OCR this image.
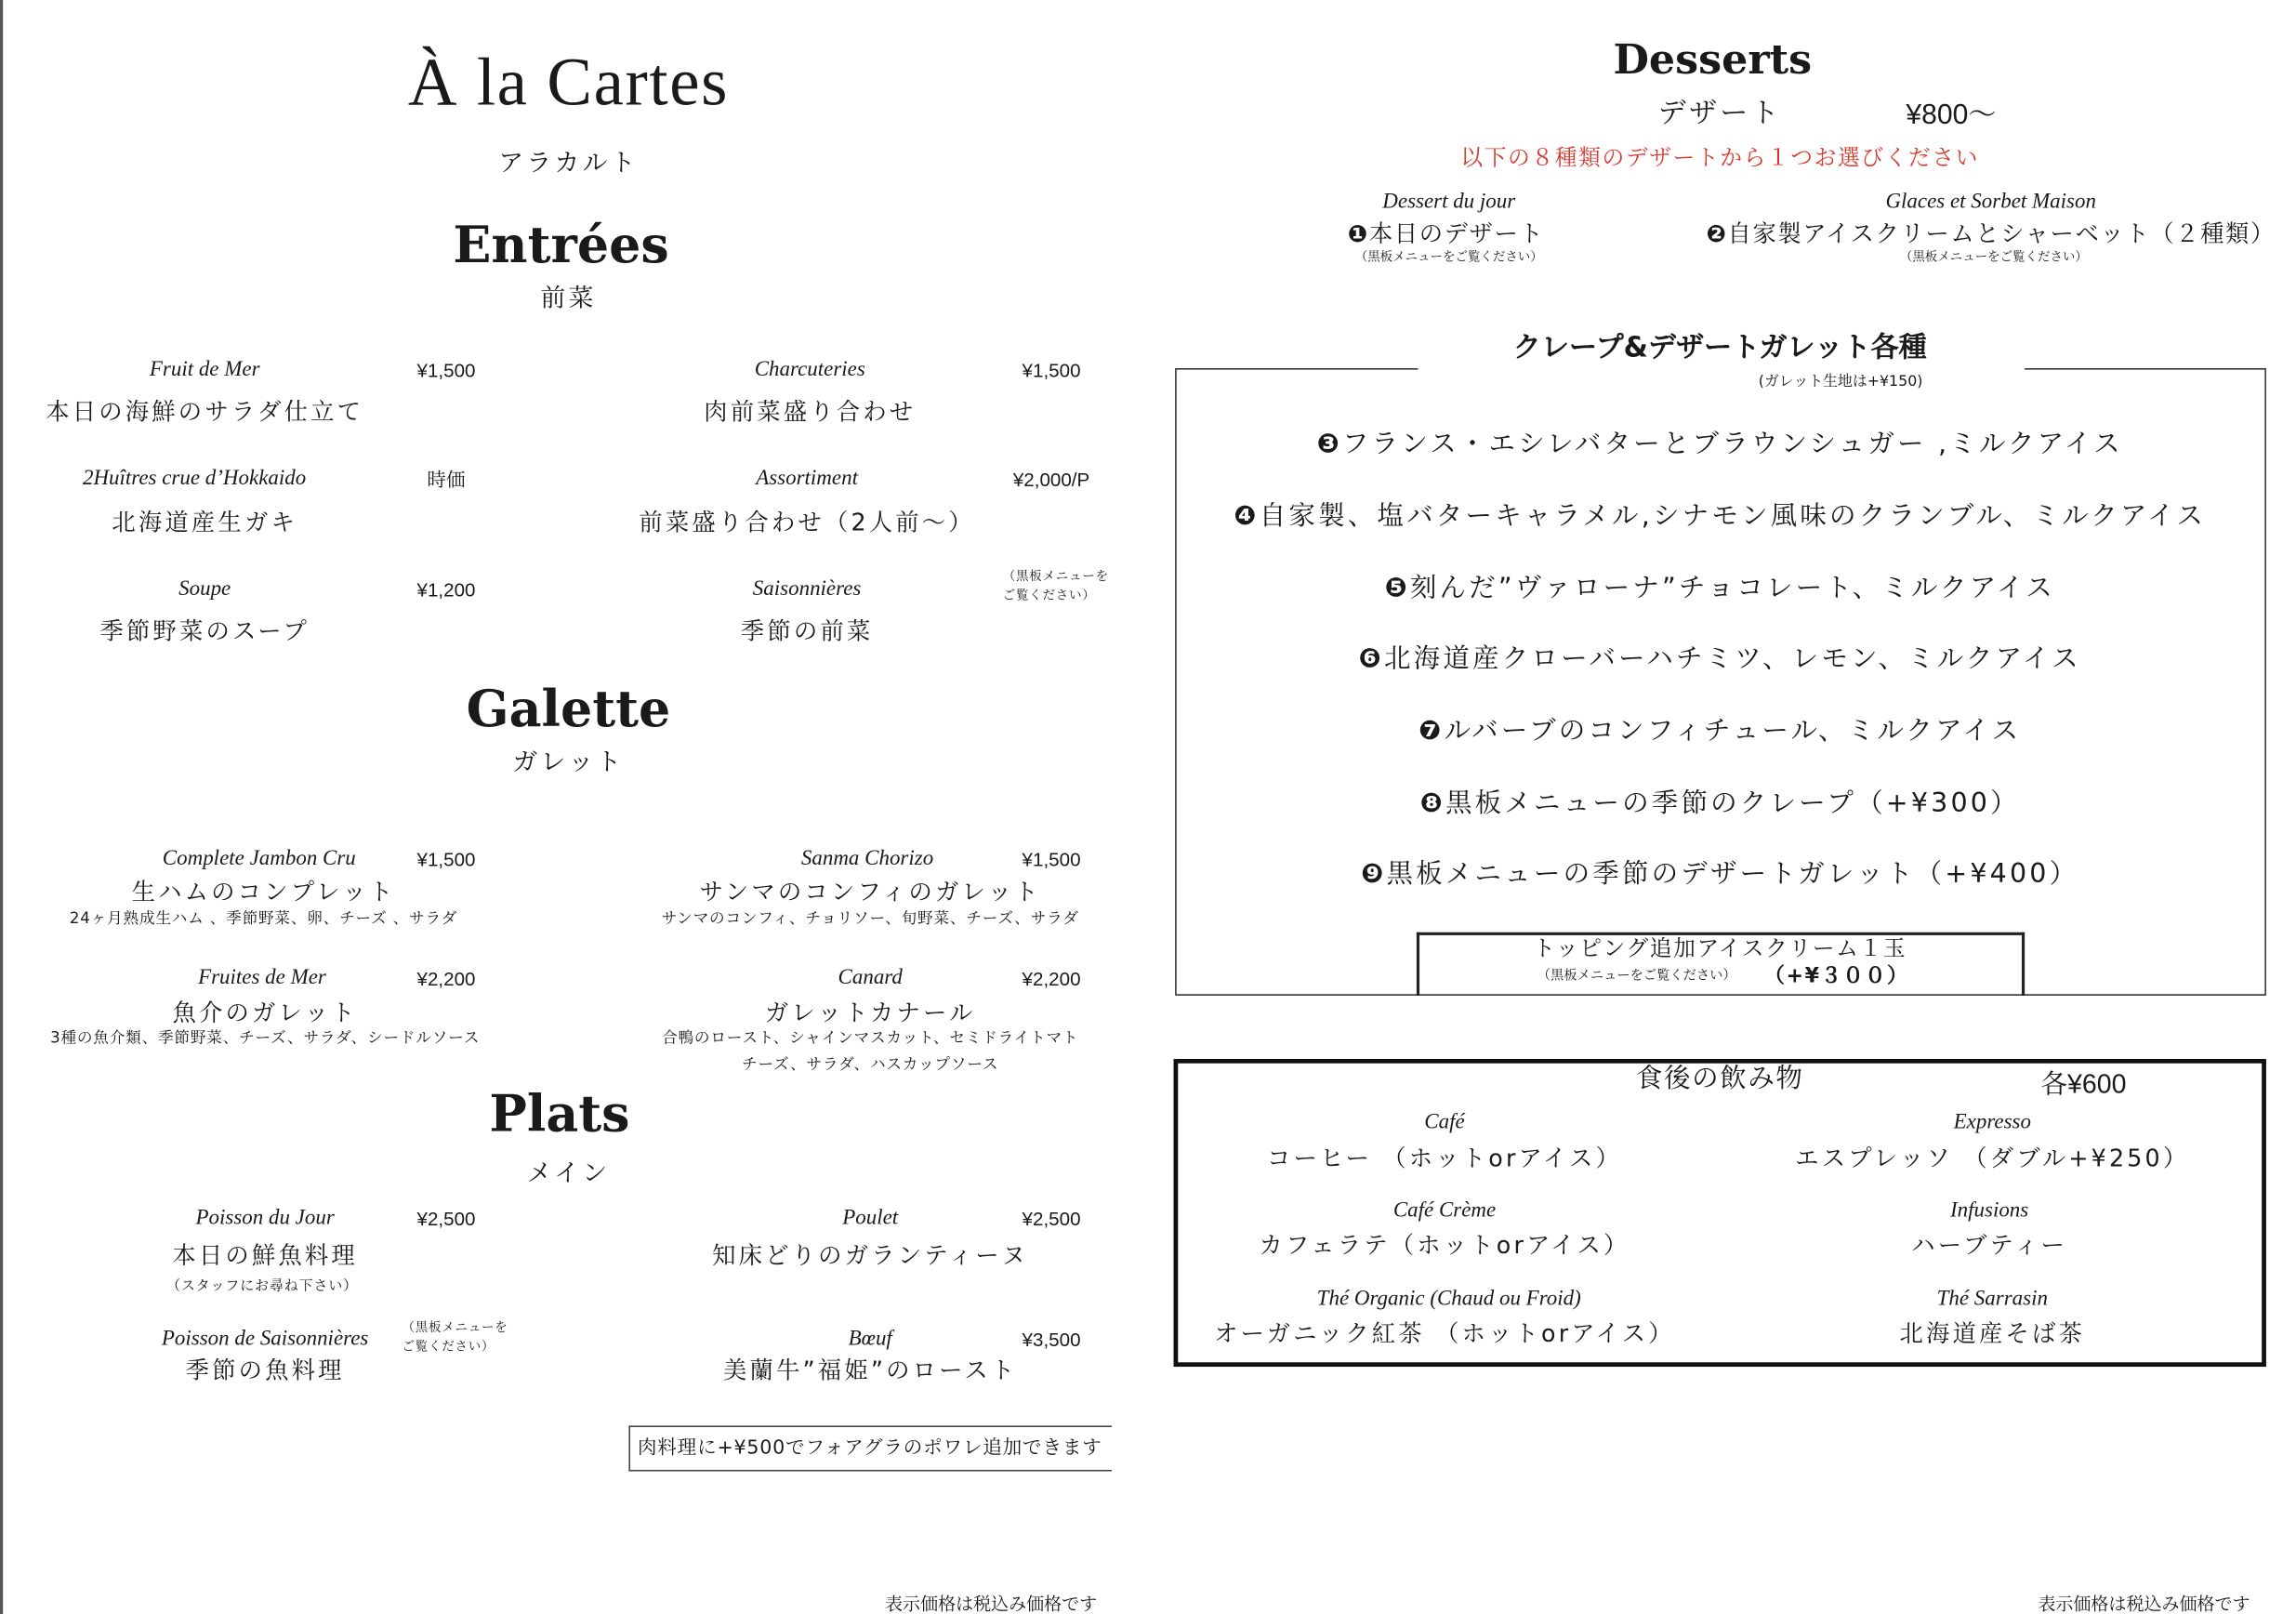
À la Cartes
アラカルト
Entrées
前菜
Fruit de Mer	¥1,500
本日の海鮮のサラダ仕立て
Charcuteries	¥1,500
肉前菜盛り合わせ
2Huîtres crue d’Hokkaido	時価
北海道産生ガキ
Assortiment	¥2,000/P
前菜盛り合わせ（2人前～）
Soupe	¥1,200
季節野菜のスープ
Saisonnières
（黒板メニューを ご覧ください）
季節の前菜
Galette
ガレット
Complete Jambon Cru	¥1,500
生ハムのコンプレット
24ヶ月熟成生ハム 、季節野菜、卵、チーズ 、サラダ
Sanma Chorizo	¥1,500
サンマのコンフィのガレット
サンマのコンフィ、チョリソー、旬野菜、チーズ、サラダ
Fruites de Mer	¥2,200
魚介のガレット
3種の魚介類、季節野菜、チーズ、サラダ、シードルソース
Canard	¥2,200
ガレットカナール
合鴨のロースト、シャインマスカット、セミドライトマト
チーズ、サラダ、ハスカップソース
Plats
メイン
Poisson du Jour	¥2,500
本日の鮮魚料理
（スタッフにお尋ね下さい）
Poulet	¥2,500
知床どりのガランティーヌ
Poisson de Saisonnières	（黒板メニューを ご覧ください）
季節の魚料理
Bœuf	¥3,500
美蘭牛”福姫”のロースト
肉料理に+¥500でフォアグラのポワレ追加できます
表示価格は税込み価格です
Desserts
デザート	¥800～
以下の８種類のデザートから１つお選びください
Dessert du jour
❶本日のデザート
（黒板メニューをご覧ください）
Glaces et Sorbet Maison
❷自家製アイスクリームとシャーベット（２種類）
（黒板メニューをご覧ください）
クレープ&デザートガレット各種
(ガレット生地は+¥150)
❸フランス・エシレバターとブラウンシュガー ,ミルクアイス
❹自家製、塩バターキャラメル,シナモン風味のクランブル、ミルクアイス
❺刻んだ”ヴァローナ”チョコレート、ミルクアイス
❻北海道産クローバーハチミツ、レモン、ミルクアイス
❼ルバーブのコンフィチュール、ミルクアイス
❽黒板メニューの季節のクレープ（+¥300）
❾黒板メニューの季節のデザートガレット（+¥400）
トッピング追加アイスクリーム１玉
（黒板メニューをご覧ください） （+¥３００）
食後の飲み物	各¥600
Café
コーヒー （ホットorアイス）
Expresso
エスプレッソ （ダブル+¥250）
Café Crème
カフェラテ（ホットorアイス）
Infusions
ハーブティー
Thé Organic (Chaud ou Froid)
オーガニック紅茶 （ホットorアイス）
Thé Sarrasin
北海道産そば茶
表示価格は税込み価格です
